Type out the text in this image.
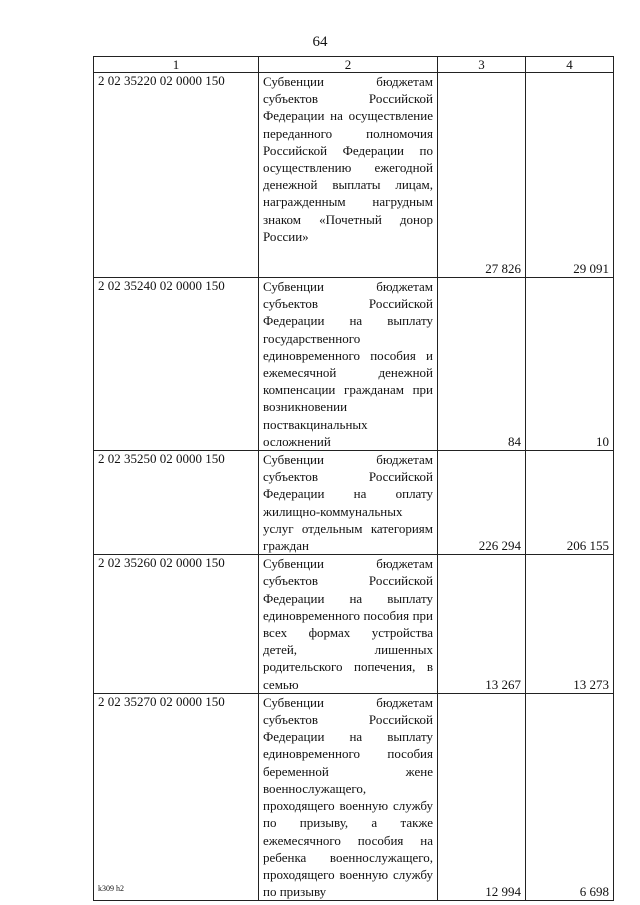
64
1	2	3	4
2 02 35220 02 0000 150	Субвенции бюджетам субъектов Российской Федерации на осуществление переданного полномочия Российской Федерации по осуществлению ежегодной денежной выплаты лицам, награжденным нагрудным знаком «Почетный донор России»	27 826	29 091
2 02 35240 02 0000 150	Субвенции бюджетам субъектов Российской Федерации на выплату государственного единовременного пособия и ежемесячной денежной компенсации гражданам при возникновении поствакцинальных осложнений	84	10
2 02 35250 02 0000 150	Субвенции бюджетам субъектов Российской Федерации на оплату жилищно-коммунальных услуг отдельным категориям граждан	226 294	206 155
2 02 35260 02 0000 150	Субвенции бюджетам субъектов Российской Федерации на выплату единовременного пособия при всех формах устройства детей, лишенных родительского попечения, в семью	13 267	13 273
2 02 35270 02 0000 150	Субвенции бюджетам субъектов Российской Федерации на выплату единовременного пособия беременной жене военнослужащего, проходящего военную службу по призыву, а также ежемесячного пособия на ребенка военнослужащего, проходящего военную службу по призыву	12 994	6 698
k309 h2
